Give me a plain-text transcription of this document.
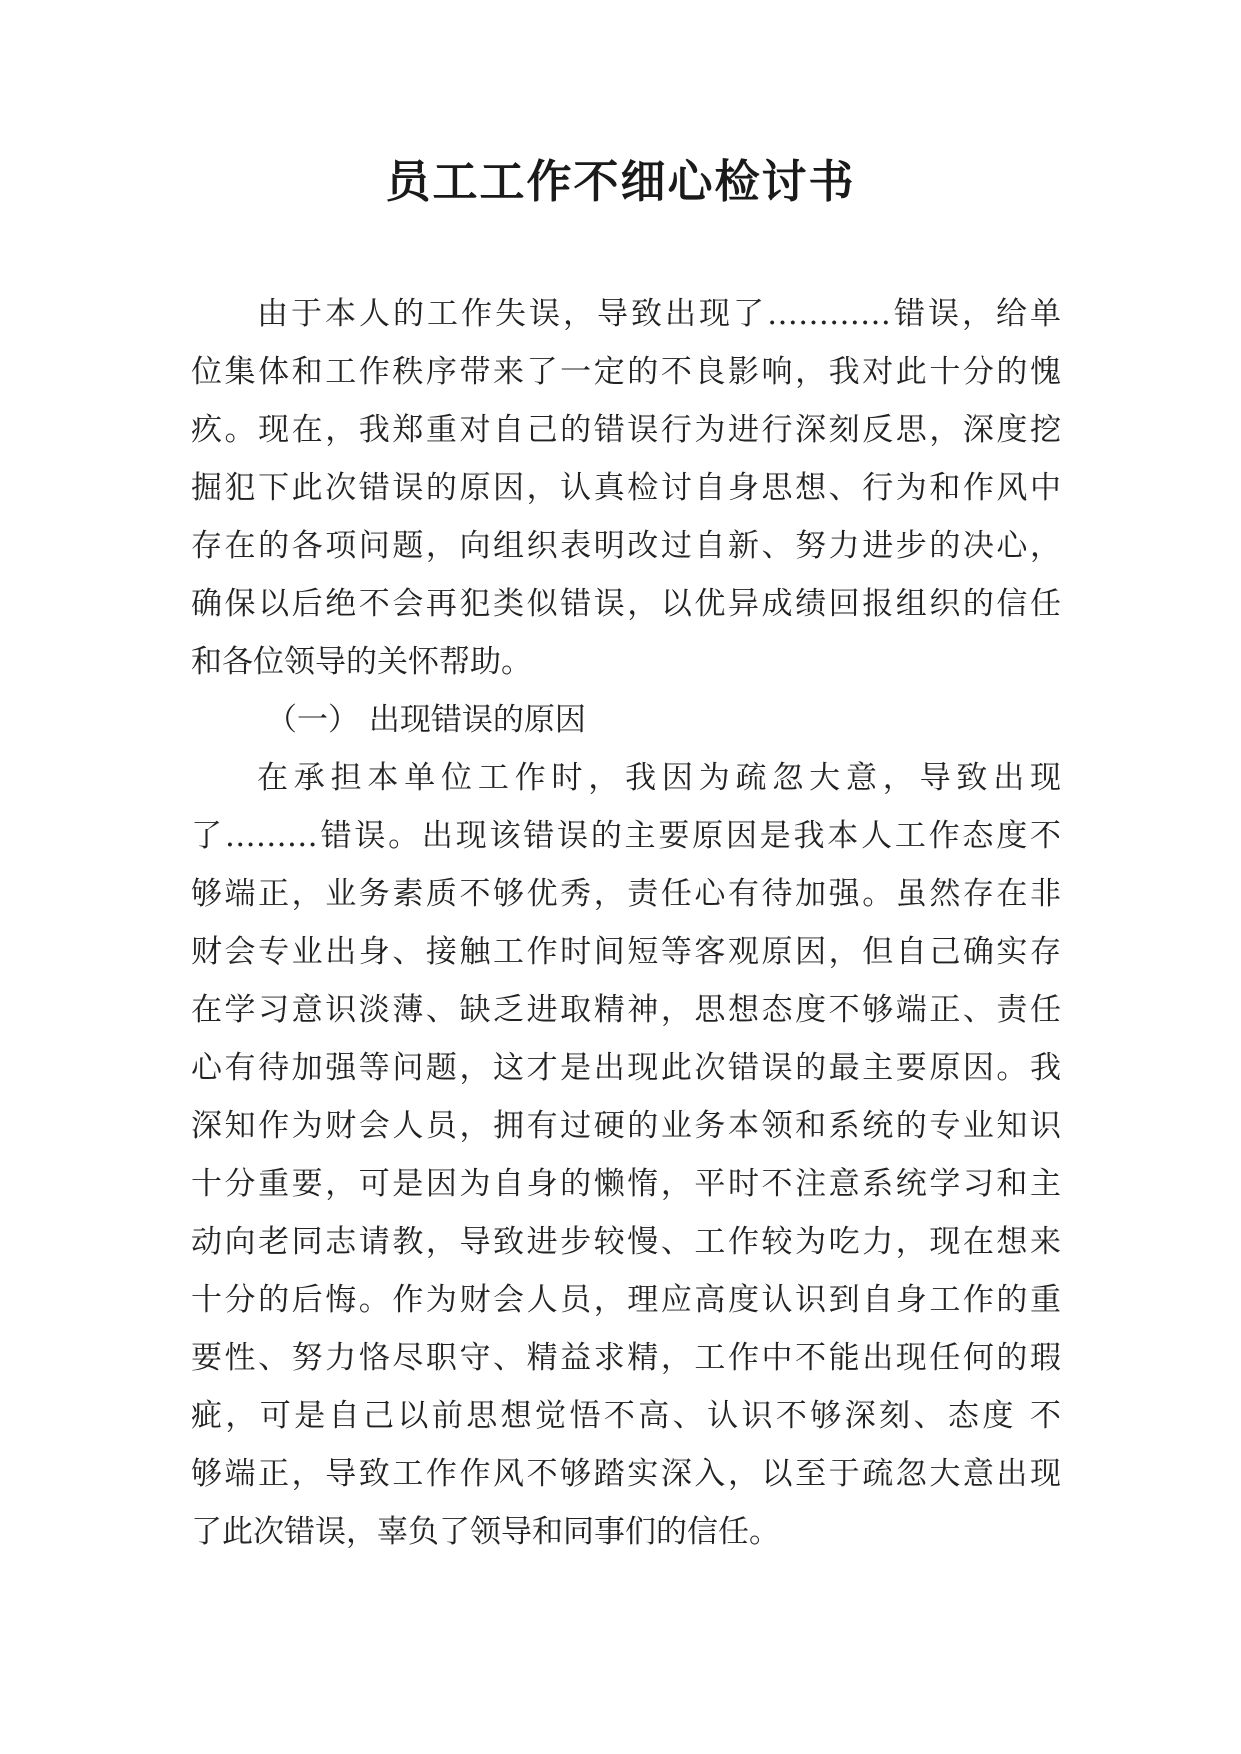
员工工作不细心检讨书
由于本人的工作失误，导致出现了…………错误，给单
位集体和工作秩序带来了一定的不良影响，我对此十分的愧
疚。现在，我郑重对自己的错误行为进行深刻反思，深度挖
掘犯下此次错误的原因，认真检讨自身思想、行为和作风中
存在的各项问题，向组织表明改过自新、努力进步的决心，
确保以后绝不会再犯类似错误，以优异成绩回报组织的信任
和各位领导的关怀帮助。
（一） 出现错误的原因
在承担本单位工作时，我因为疏忽大意，导致出现
了………错误。出现该错误的主要原因是我本人工作态度不
够端正，业务素质不够优秀，责任心有待加强。虽然存在非
财会专业出身、接触工作时间短等客观原因，但自己确实存
在学习意识淡薄、缺乏进取精神，思想态度不够端正、责任
心有待加强等问题，这才是出现此次错误的最主要原因。我
深知作为财会人员，拥有过硬的业务本领和系统的专业知识
十分重要，可是因为自身的懒惰，平时不注意系统学习和主
动向老同志请教，导致进步较慢、工作较为吃力，现在想来
十分的后悔。作为财会人员，理应高度认识到自身工作的重
要性、努力恪尽职守、精益求精，工作中不能出现任何的瑕
疵，可是自己以前思想觉悟不高、认识不够深刻、态度 不
够端正，导致工作作风不够踏实深入，以至于疏忽大意出现
了此次错误，辜负了领导和同事们的信任。
